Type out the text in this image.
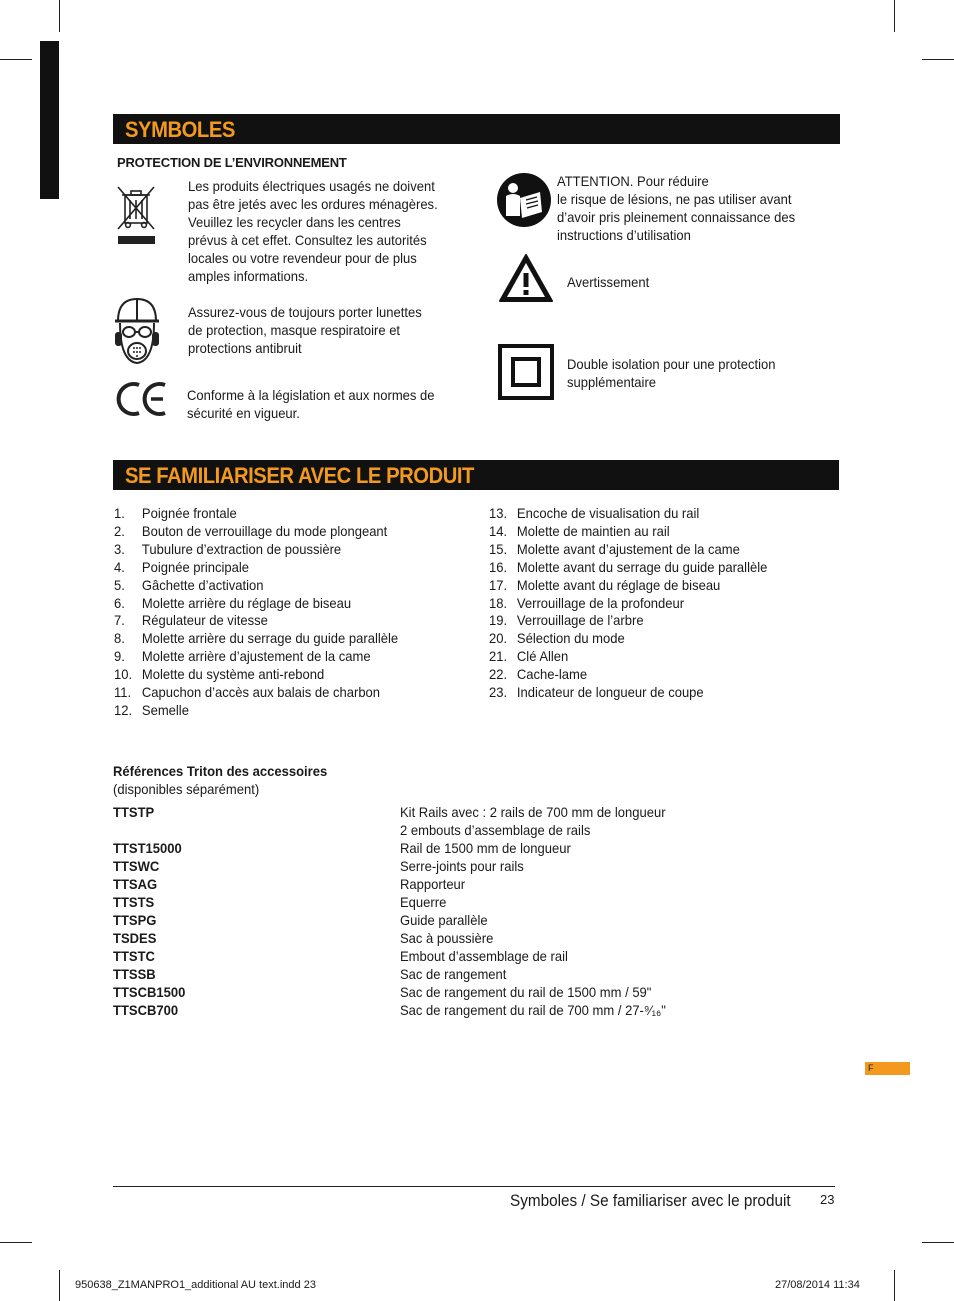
SYMBOLES
PROTECTION DE L’ENVIRONNEMENT
Les produits électriques usagés ne doivent
pas être jetés avec les ordures ménagères.
Veuillez les recycler dans les centres
prévus à cet effet. Consultez les autorités
locales ou votre revendeur pour de plus
amples informations.
Assurez-vous de toujours porter lunettes
de protection, masque respiratoire et
protections antibruit
Conforme à la législation et aux normes de
sécurité en vigueur.
ATTENTION. Pour réduire
le risque de lésions, ne pas utiliser avant
d’avoir pris pleinement connaissance des
instructions d’utilisation
Avertissement
Double isolation pour une protection
supplémentaire
SE FAMILIARISER AVEC LE PRODUIT
1.	Poignée frontale
2.	Bouton de verrouillage du mode plongeant
3.	Tubulure d’extraction de poussière
4.	Poignée principale
5.	Gâchette d’activation
6.	Molette arrière du réglage de biseau
7.	Régulateur de vitesse
8.	Molette arrière du serrage du guide parallèle
9.	Molette arrière d’ajustement de la came
10. Molette du système anti-rebond
11. Capuchon d’accès aux balais de charbon
12. Semelle
13. Encoche de visualisation du rail
14. Molette de maintien au rail
15. Molette avant d’ajustement de la came
16. Molette avant du serrage du guide parallèle
17. Molette avant du réglage de biseau
18. Verrouillage de la profondeur
19. Verrouillage de l’arbre
20. Sélection du mode
21. Clé Allen
22. Cache-lame
23. Indicateur de longueur de coupe
Références Triton des accessoires
(disponibles séparément)
TTSTP	Kit Rails avec : 2 rails de 700 mm de longueur
2 embouts d’assemblage de rails
TTST15000	Rail de 1500 mm de longueur
TTSWC	Serre-joints pour rails
TTSAG	Rapporteur
TTSTS	Equerre
TTSPG	Guide parallèle
TSDES	Sac à poussière
TTSTC	Embout d’assemblage de rail
TTSSB	Sac de rangement
TTSCB1500	Sac de rangement du rail de 1500 mm / 59"
TTSCB700	Sac de rangement du rail de 700 mm / 27-⁹⁄₁₆"
F
Symboles / Se familiariser avec le produit 23
950638_Z1MANPRO1_additional AU text.indd 23	27/08/2014 11:34
